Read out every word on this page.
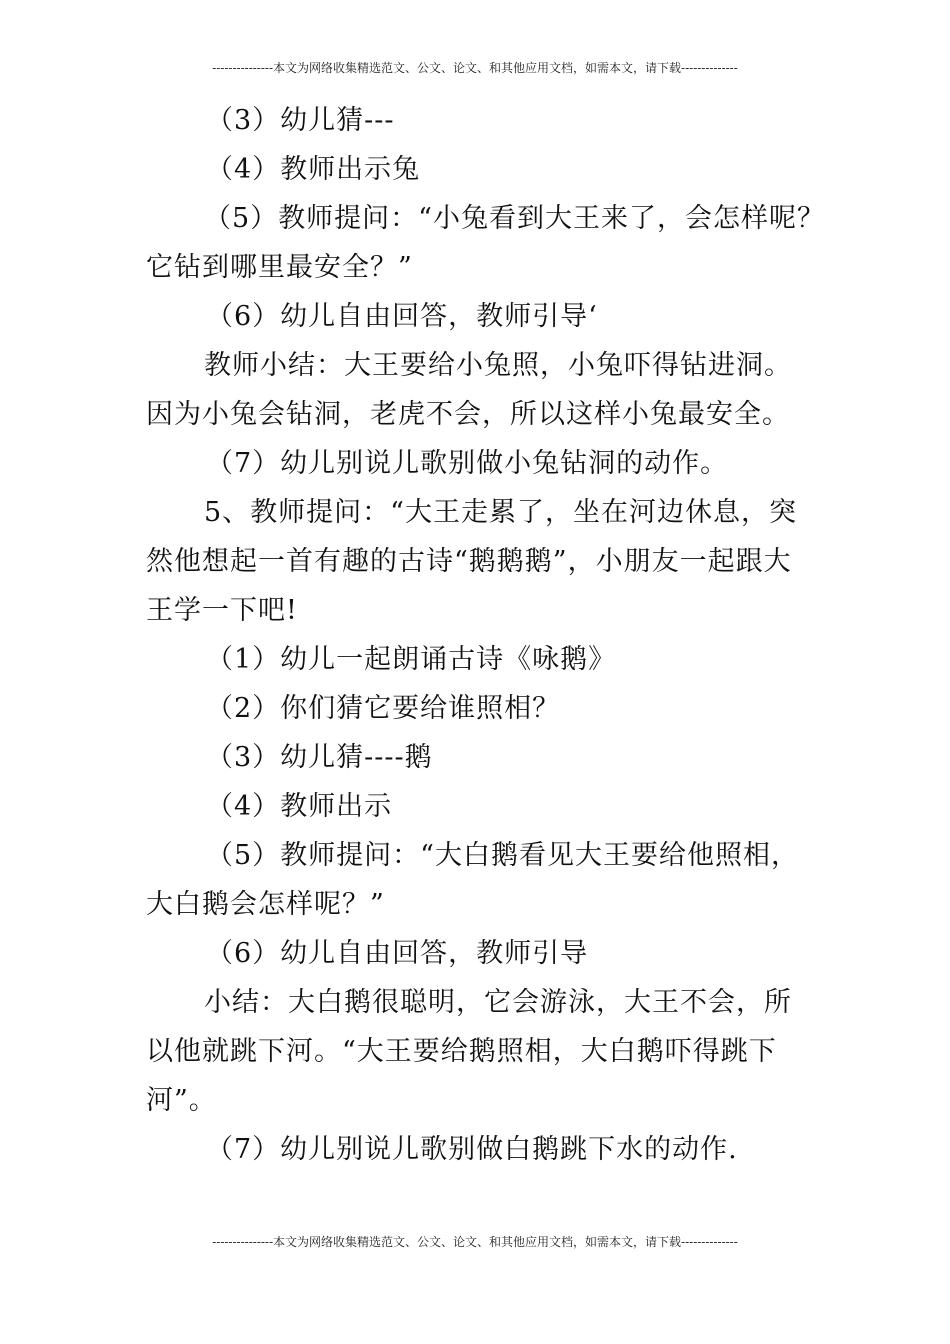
---------------本文为网络收集精选范文、公文、论文、和其他应用文档，如需本文，请下载--------------

（3）幼儿猜---

（4）教师出示兔

（5）教师提问：“小兔看到大王来了，会怎样呢？

它钻到哪里最安全？”

（6）幼儿自由回答，教师引导‘

教师小结：大王要给小兔照，小兔吓得钻进洞。

因为小兔会钻洞，老虎不会，所以这样小兔最安全。

（7）幼儿别说儿歌别做小兔钻洞的动作。

5、教师提问：“大王走累了，坐在河边休息，突

然他想起一首有趣的古诗“鹅鹅鹅”，小朋友一起跟大

王学一下吧!

（1）幼儿一起朗诵古诗《咏鹅》

（2）你们猜它要给谁照相？

（3）幼儿猜----鹅

（4）教师出示

（5）教师提问：“大白鹅看见大王要给他照相，

大白鹅会怎样呢？”

（6）幼儿自由回答，教师引导

小结：大白鹅很聪明，它会游泳，大王不会，所

以他就跳下河。“大王要给鹅照相，大白鹅吓得跳下

河”。

（7）幼儿别说儿歌别做白鹅跳下水的动作.

---------------本文为网络收集精选范文、公文、论文、和其他应用文档，如需本文，请下载--------------
